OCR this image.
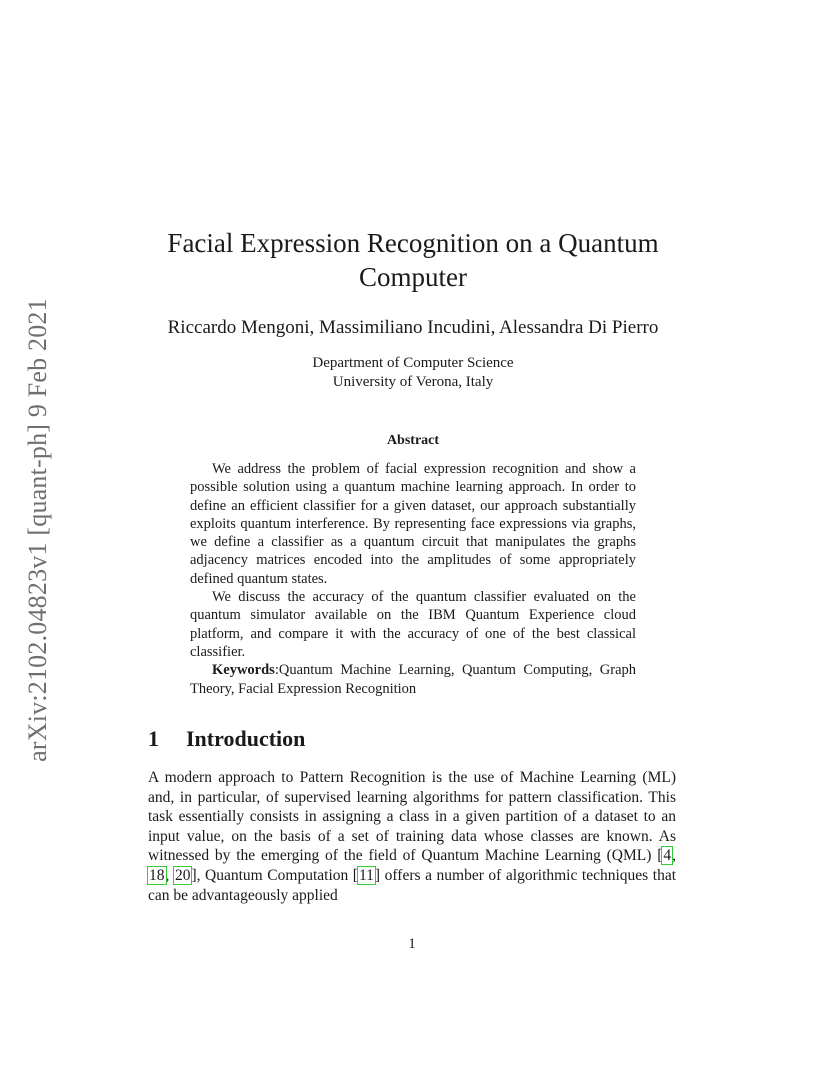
arXiv:2102.04823v1 [quant-ph] 9 Feb 2021
Facial Expression Recognition on a Quantum Computer
Riccardo Mengoni, Massimiliano Incudini, Alessandra Di Pierro
Department of Computer Science
University of Verona, Italy
Abstract

We address the problem of facial expression recognition and show a possible solution using a quantum machine learning approach. In order to define an efficient classifier for a given dataset, our approach substantially exploits quantum interference. By representing face expressions via graphs, we define a classifier as a quantum circuit that manipulates the graphs adjacency matrices encoded into the amplitudes of some appropriately defined quantum states.

We discuss the accuracy of the quantum classifier evaluated on the quantum simulator available on the IBM Quantum Experience cloud platform, and compare it with the accuracy of one of the best classical classifier.

Keywords:Quantum Machine Learning, Quantum Computing, Graph Theory, Facial Expression Recognition

1 Introduction

A modern approach to Pattern Recognition is the use of Machine Learning (ML) and, in particular, of supervised learning algorithms for pattern classification. This task essentially consists in assigning a class in a given partition of a dataset to an input value, on the basis of a set of training data whose classes are known. As witnessed by the emerging of the field of Quantum Machine Learning (QML) [4, 18, 20], Quantum Computation [11] offers a number of algorithmic techniques that can be advantageously applied

1
